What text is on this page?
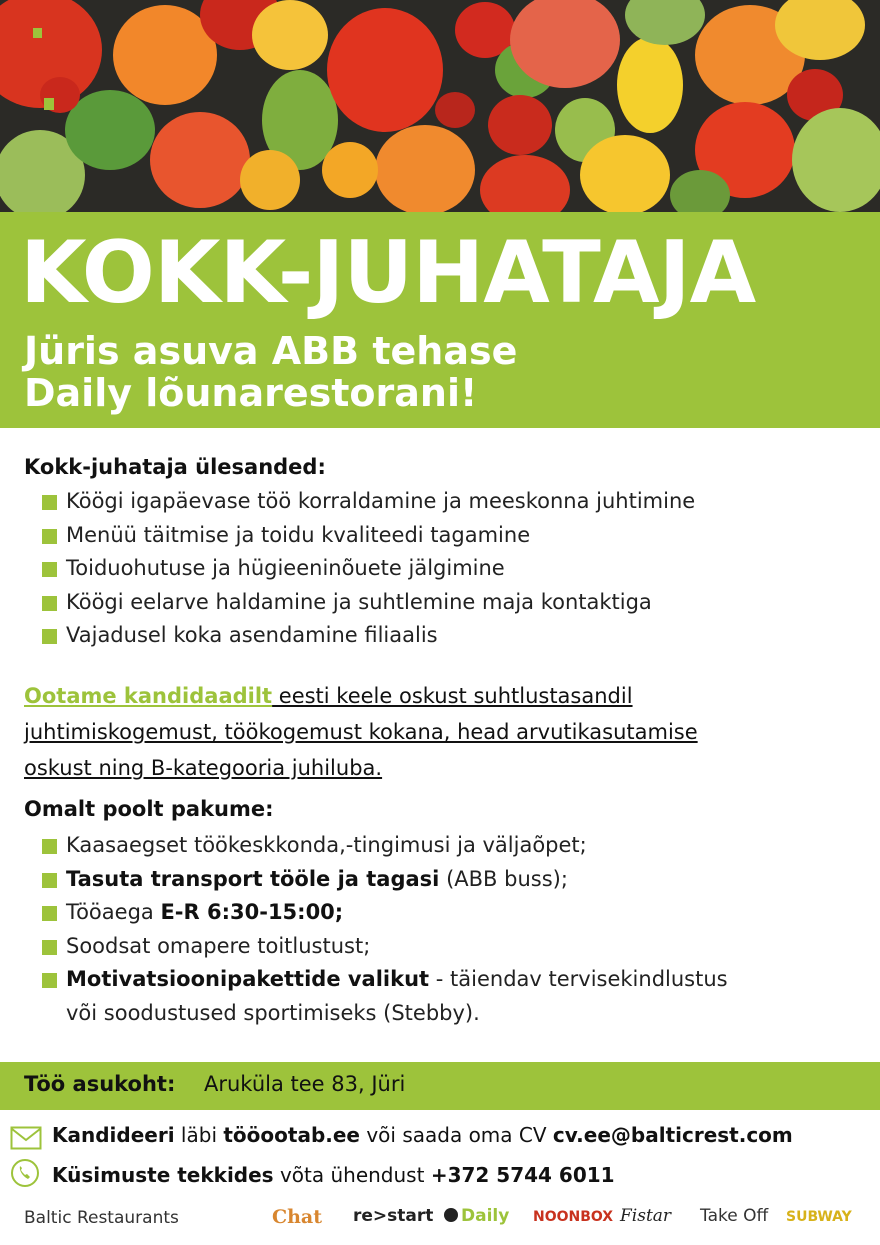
KOKK-JUHATAJA
Jüris asuva ABB tehase
Daily lõunarestorani!
Kokk-juhataja ülesanded:
Köögi igapäevase töö korraldamine ja meeskonna juhtimine
Menüü täitmise ja toidu kvaliteedi tagamine
Toiduohutuse ja hügieeninõuete jälgimine
Köögi eelarve haldamine ja suhtlemine maja kontaktiga
Vajadusel koka asendamine filiaalis
Ootame kandidaadilt eesti keele oskust suhtlustasandil
juhtimiskogemust, töökogemust kokana, head arvutikasutamise
oskust ning B-kategooria juhiluba.
Omalt poolt pakume:
Kaasaegset töökeskkonda,-tingimusi ja väljaõpet;
Tasuta transport tööle ja tagasi (ABB buss);
Tööaega E-R 6:30-15:00;
Soodsat omapere toitlustust;
Motivatsioonipakettide valikut - täiendav tervisekindlustus
või soodustused sportimiseks (Stebby).
Töö asukoht: Aruküla tee 83, Jüri
Kandideeri läbi tööootab.ee või saada oma CV cv.ee@balticrest.com
Küsimuste tekkides võta ühendust +372 5744 6011
Baltic Restaurants	Chat re>start	Daily NOONBOX Fistar Take Off SUBWAY
